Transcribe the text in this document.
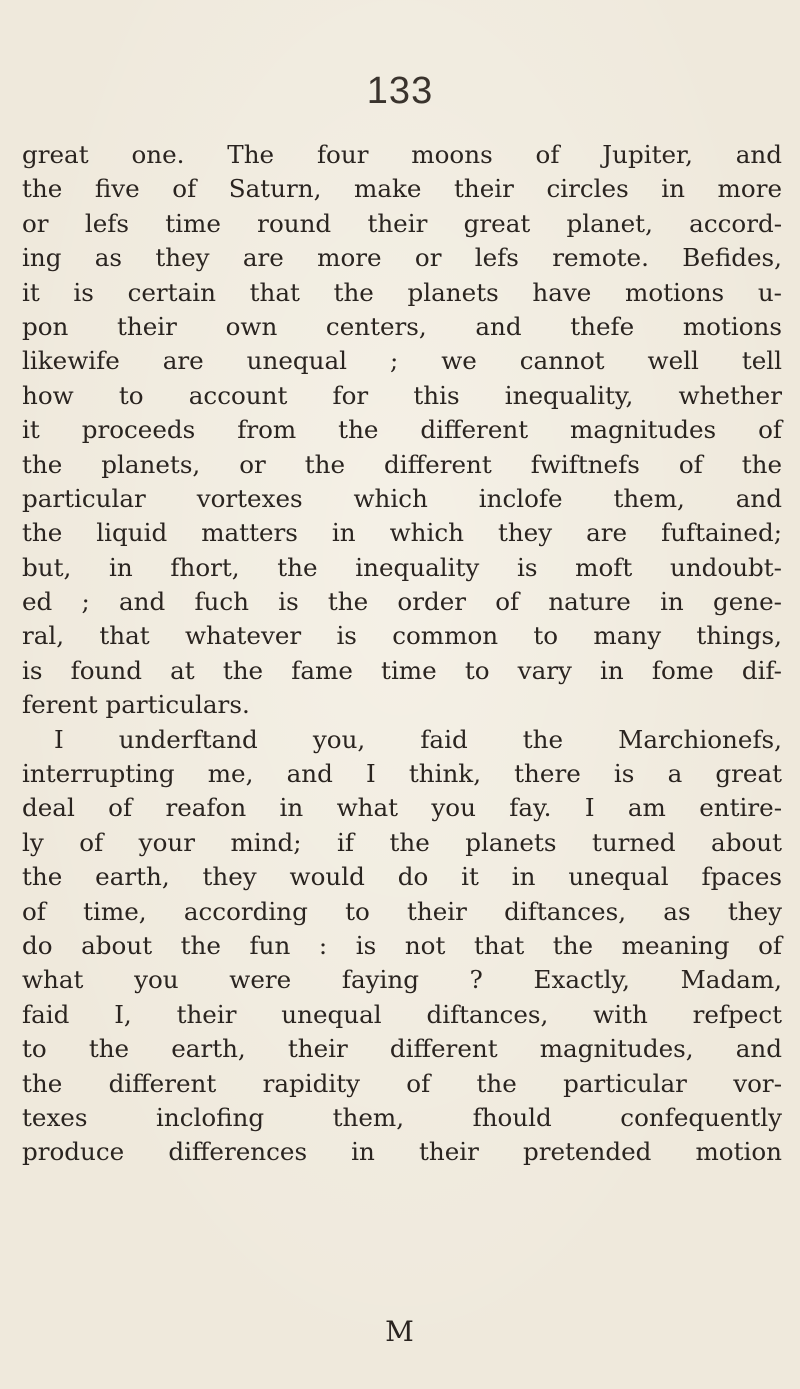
133
great one. The four moons of Jupiter, and
the five of Saturn, make their circles in more
or lefs time round their great planet, accord-
ing as they are more or lefs remote. Befides,
it is certain that the planets have motions u-
pon their own centers, and thefe motions
likewife are unequal ; we cannot well tell
how to account for this inequality, whether
it proceeds from the different magnitudes of
the planets, or the different fwiftnefs of the
particular vortexes which inclofe them, and
the liquid matters in which they are fuftained;
but, in fhort, the inequality is moft undoubt-
ed ; and fuch is the order of nature in gene-
ral, that whatever is common to many things,
is found at the fame time to vary in fome dif-
ferent particulars.
I underftand you, faid the Marchionefs,
interrupting me, and I think, there is a great
deal of reafon in what you fay. I am entire-
ly of your mind; if the planets turned about
the earth, they would do it in unequal fpaces
of time, according to their diftances, as they
do about the fun : is not that the meaning of
what you were faying ? Exactly, Madam,
faid I, their unequal diftances, with refpect
to the earth, their different magnitudes, and
the different rapidity of the particular vor-
texes inclofing them, fhould confequently
produce differences in their pretended motion
M
